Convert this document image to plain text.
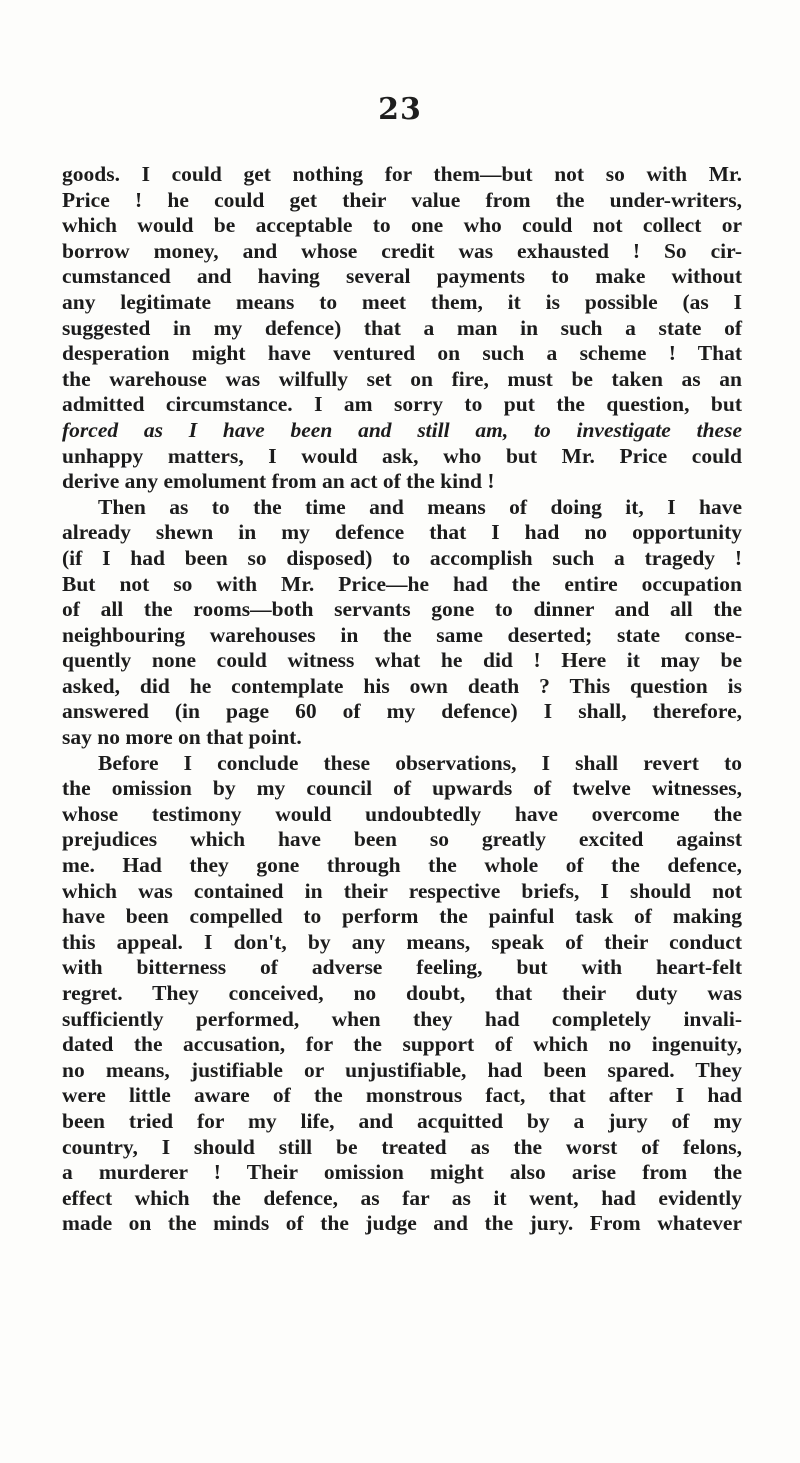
23
goods. I could get nothing for them—but not so with Mr.
Price ! he could get their value from the under-writers,
which would be acceptable to one who could not collect or
borrow money, and whose credit was exhausted ! So cir-
cumstanced and having several payments to make without
any legitimate means to meet them, it is possible (as I
suggested in my defence) that a man in such a state of
desperation might have ventured on such a scheme ! That
the warehouse was wilfully set on fire, must be taken as an
admitted circumstance. I am sorry to put the question, but
forced as I have been and still am, to investigate these
unhappy matters, I would ask, who but Mr. Price could
derive any emolument from an act of the kind !
Then as to the time and means of doing it, I have
already shewn in my defence that I had no opportunity
(if I had been so disposed) to accomplish such a tragedy !
But not so with Mr. Price—he had the entire occupation
of all the rooms—both servants gone to dinner and all the
neighbouring warehouses in the same deserted; state conse-
quently none could witness what he did ! Here it may be
asked, did he contemplate his own death ? This question is
answered (in page 60 of my defence) I shall, therefore,
say no more on that point.
Before I conclude these observations, I shall revert to
the omission by my council of upwards of twelve witnesses,
whose testimony would undoubtedly have overcome the
prejudices which have been so greatly excited against
me. Had they gone through the whole of the defence,
which was contained in their respective briefs, I should not
have been compelled to perform the painful task of making
this appeal. I don't, by any means, speak of their conduct
with bitterness of adverse feeling, but with heart-felt
regret. They conceived, no doubt, that their duty was
sufficiently performed, when they had completely invali-
dated the accusation, for the support of which no ingenuity,
no means, justifiable or unjustifiable, had been spared. They
were little aware of the monstrous fact, that after I had
been tried for my life, and acquitted by a jury of my
country, I should still be treated as the worst of felons,
a murderer ! Their omission might also arise from the
effect which the defence, as far as it went, had evidently
made on the minds of the judge and the jury. From whatever
